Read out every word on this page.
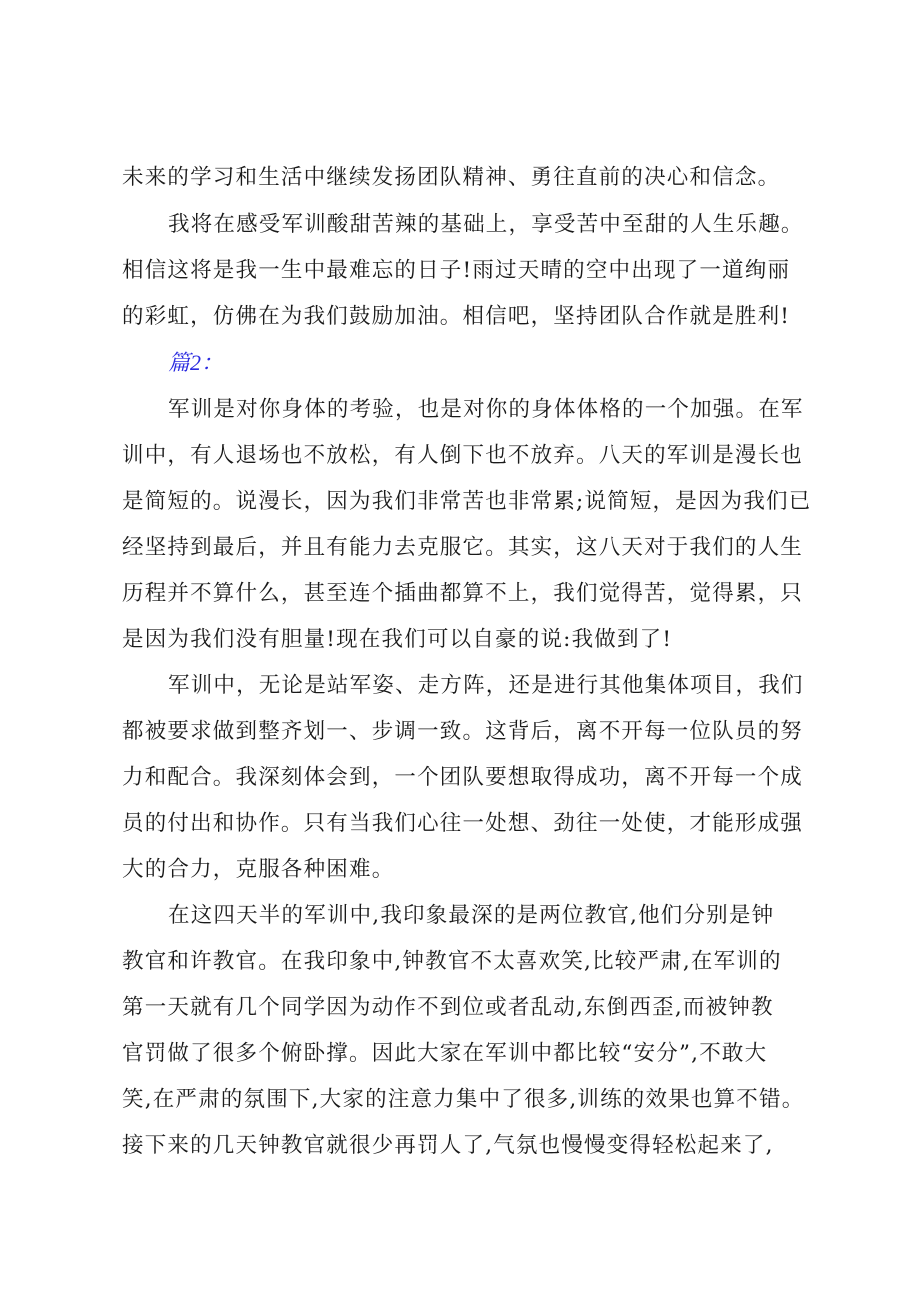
未来的学习和生活中继续发扬团队精神、勇往直前的决心和信念。
我将在感受军训酸甜苦辣的基础上，享受苦中至甜的人生乐趣。
相信这将是我一生中最难忘的日子!雨过天晴的空中出现了一道绚丽
的彩虹，仿佛在为我们鼓励加油。相信吧，坚持团队合作就是胜利!
篇2：
军训是对你身体的考验，也是对你的身体体格的一个加强。在军
训中，有人退场也不放松，有人倒下也不放弃。八天的军训是漫长也
是简短的。说漫长，因为我们非常苦也非常累;说简短，是因为我们已
经坚持到最后，并且有能力去克服它。其实，这八天对于我们的人生
历程并不算什么，甚至连个插曲都算不上，我们觉得苦，觉得累，只
是因为我们没有胆量!现在我们可以自豪的说:我做到了!
军训中，无论是站军姿、走方阵，还是进行其他集体项目，我们
都被要求做到整齐划一、步调一致。这背后，离不开每一位队员的努
力和配合。我深刻体会到，一个团队要想取得成功，离不开每一个成
员的付出和协作。只有当我们心往一处想、劲往一处使，才能形成强
大的合力，克服各种困难。
在这四天半的军训中,我印象最深的是两位教官,他们分别是钟
教官和许教官。在我印象中,钟教官不太喜欢笑,比较严肃,在军训的
第一天就有几个同学因为动作不到位或者乱动,东倒西歪,而被钟教
官罚做了很多个俯卧撑。因此大家在军训中都比较“安分”,不敢大
笑,在严肃的氛围下,大家的注意力集中了很多,训练的效果也算不错。
接下来的几天钟教官就很少再罚人了,气氛也慢慢变得轻松起来了,
